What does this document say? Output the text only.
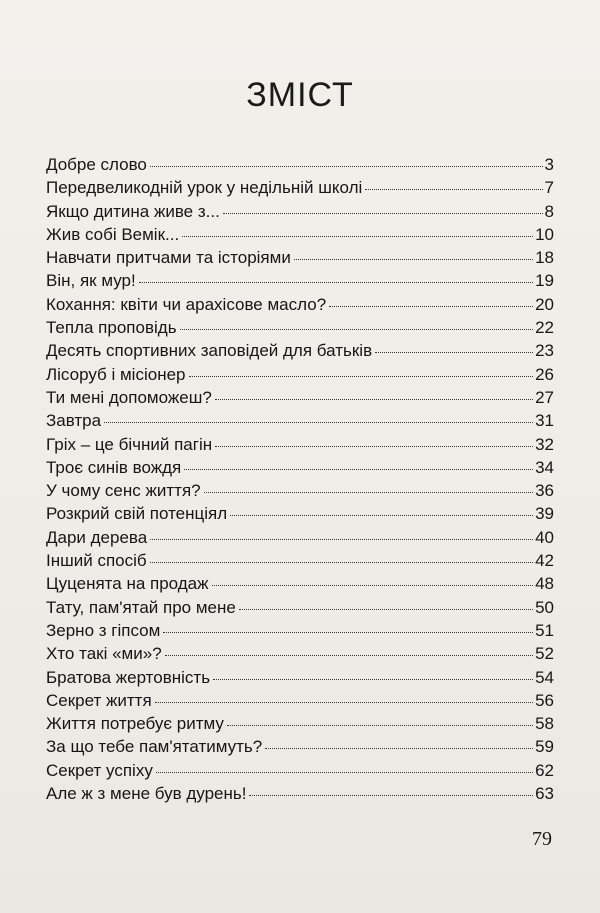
ЗМІСТ
Добре слово	3
Передвеликодній урок у недільній школі	7
Якщо дитина живе з...	8
Жив собі Вемік...	10
Навчати притчами та історіями	18
Він, як мур!	19
Кохання: квіти чи арахісове масло?	20
Тепла проповідь	22
Десять спортивних заповідей для батьків	23
Лісоруб і місіонер	26
Ти мені допоможеш?	27
Завтра	31
Гріх – це бічний пагін	32
Троє синів вождя	34
У чому сенс життя?	36
Розкрий свій потенціял	39
Дари дерева	40
Інший спосіб	42
Цуценята на продаж	48
Тату, пам'ятай про мене	50
Зерно з гіпсом	51
Хто такі «ми»?	52
Братова жертовність	54
Секрет життя	56
Життя потребує ритму	58
За що тебе пам'ятатимуть?	59
Секрет успіху	62
Але ж з мене був дурень!	63
79
